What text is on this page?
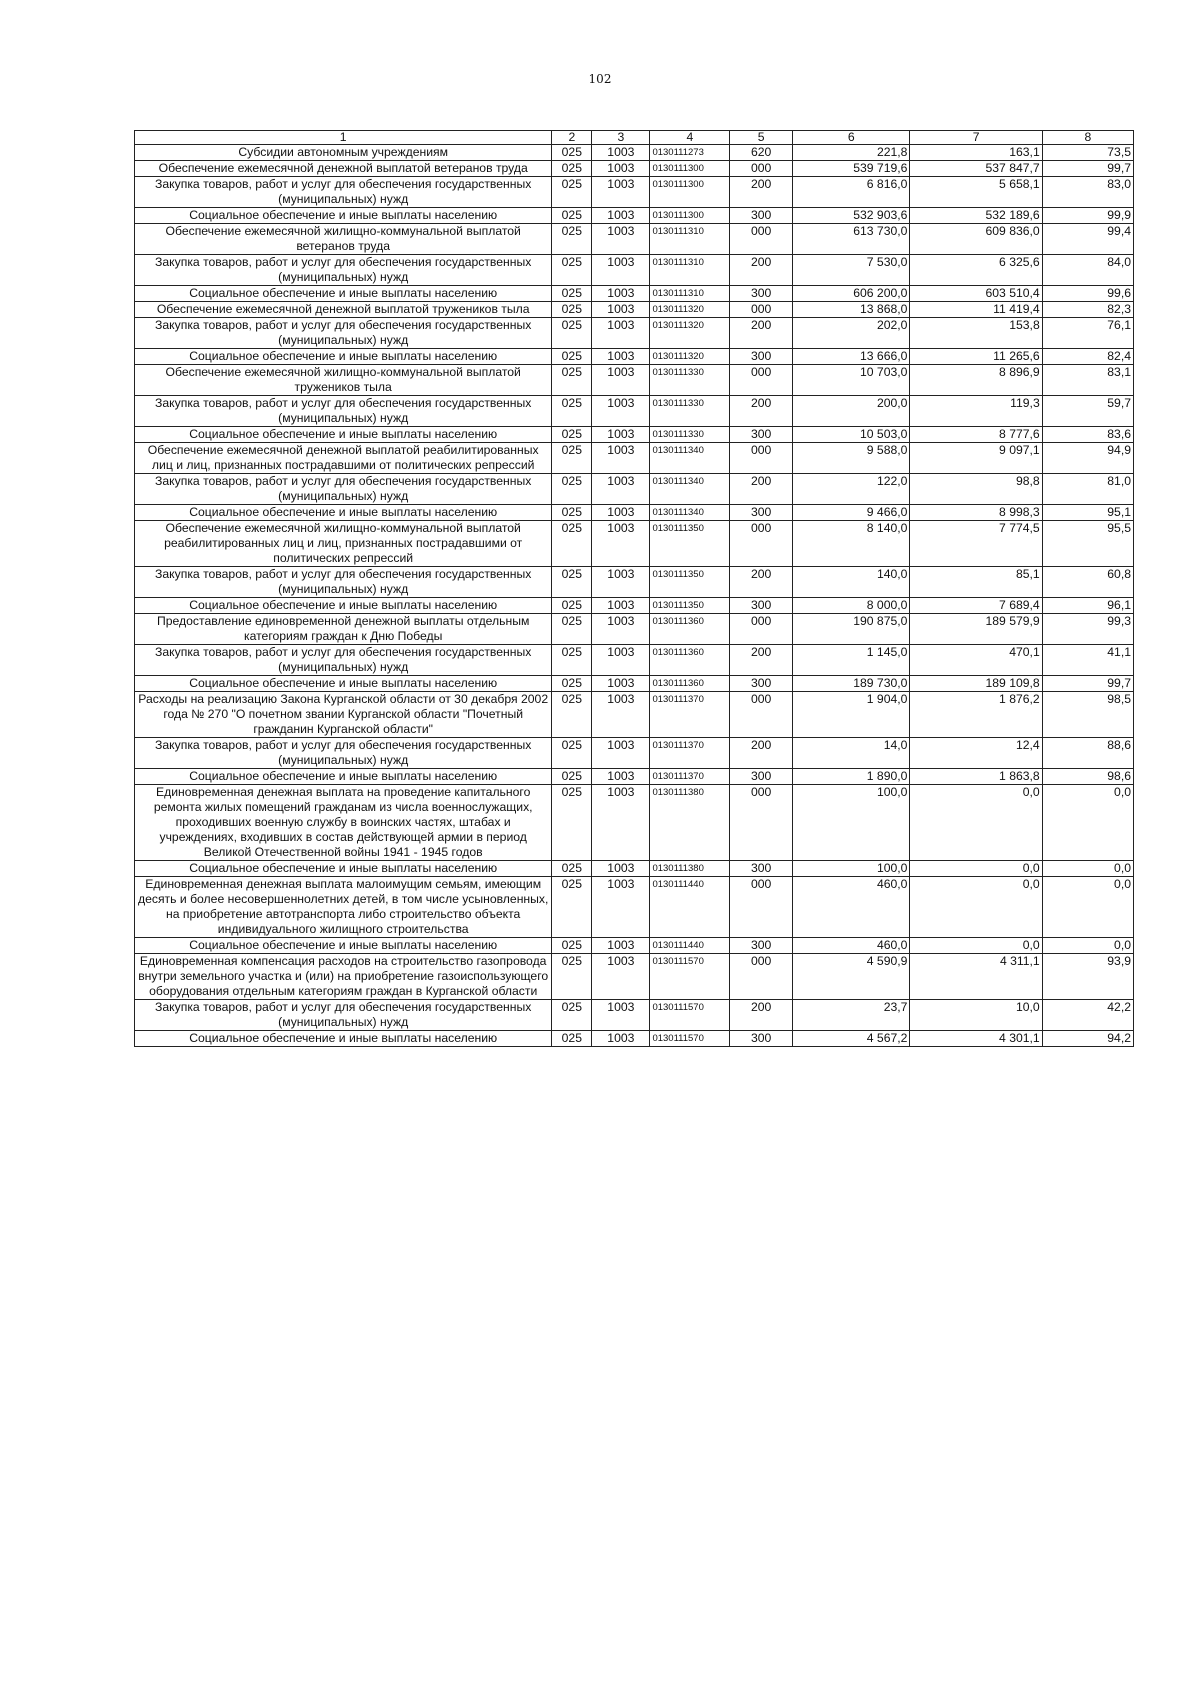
102
1	2	3	4	5	6	7	8
Субсидии автономным учреждениям	025	1003	0130111273	620	221,8	163,1	73,5
Обеспечение ежемесячной денежной выплатой ветеранов труда	025	1003	0130111300	000	539 719,6	537 847,7	99,7
Закупка товаров, работ и услуг для обеспечения государственных (муниципальных) нужд	025	1003	0130111300	200	6 816,0	5 658,1	83,0
Социальное обеспечение и иные выплаты населению	025	1003	0130111300	300	532 903,6	532 189,6	99,9
Обеспечение ежемесячной жилищно-коммунальной выплатой ветеранов труда	025	1003	0130111310	000	613 730,0	609 836,0	99,4
Закупка товаров, работ и услуг для обеспечения государственных (муниципальных) нужд	025	1003	0130111310	200	7 530,0	6 325,6	84,0
Социальное обеспечение и иные выплаты населению	025	1003	0130111310	300	606 200,0	603 510,4	99,6
Обеспечение ежемесячной денежной выплатой тружеников тыла	025	1003	0130111320	000	13 868,0	11 419,4	82,3
Закупка товаров, работ и услуг для обеспечения государственных (муниципальных) нужд	025	1003	0130111320	200	202,0	153,8	76,1
Социальное обеспечение и иные выплаты населению	025	1003	0130111320	300	13 666,0	11 265,6	82,4
Обеспечение ежемесячной жилищно-коммунальной выплатой тружеников тыла	025	1003	0130111330	000	10 703,0	8 896,9	83,1
Закупка товаров, работ и услуг для обеспечения государственных (муниципальных) нужд	025	1003	0130111330	200	200,0	119,3	59,7
Социальное обеспечение и иные выплаты населению	025	1003	0130111330	300	10 503,0	8 777,6	83,6
Обеспечение ежемесячной денежной выплатой реабилитированных лиц и лиц, признанных пострадавшими от политических репрессий	025	1003	0130111340	000	9 588,0	9 097,1	94,9
Закупка товаров, работ и услуг для обеспечения государственных (муниципальных) нужд	025	1003	0130111340	200	122,0	98,8	81,0
Социальное обеспечение и иные выплаты населению	025	1003	0130111340	300	9 466,0	8 998,3	95,1
Обеспечение ежемесячной жилищно-коммунальной выплатой реабилитированных лиц и лиц, признанных пострадавшими от политических репрессий	025	1003	0130111350	000	8 140,0	7 774,5	95,5
Закупка товаров, работ и услуг для обеспечения государственных (муниципальных) нужд	025	1003	0130111350	200	140,0	85,1	60,8
Социальное обеспечение и иные выплаты населению	025	1003	0130111350	300	8 000,0	7 689,4	96,1
Предоставление единовременной денежной выплаты отдельным категориям граждан к Дню Победы	025	1003	0130111360	000	190 875,0	189 579,9	99,3
Закупка товаров, работ и услуг для обеспечения государственных (муниципальных) нужд	025	1003	0130111360	200	1 145,0	470,1	41,1
Социальное обеспечение и иные выплаты населению	025	1003	0130111360	300	189 730,0	189 109,8	99,7
Расходы на реализацию Закона Курганской области от 30 декабря 2002 года № 270 "О почетном звании Курганской области "Почетный гражданин Курганской области"	025	1003	0130111370	000	1 904,0	1 876,2	98,5
Закупка товаров, работ и услуг для обеспечения государственных (муниципальных) нужд	025	1003	0130111370	200	14,0	12,4	88,6
Социальное обеспечение и иные выплаты населению	025	1003	0130111370	300	1 890,0	1 863,8	98,6
Единовременная денежная выплата на проведение капитального ремонта жилых помещений гражданам из числа военнослужащих, проходивших военную службу в воинских частях, штабах и учреждениях, входивших в состав действующей армии в период Великой Отечественной войны 1941 - 1945 годов	025	1003	0130111380	000	100,0	0,0	0,0
Социальное обеспечение и иные выплаты населению	025	1003	0130111380	300	100,0	0,0	0,0
Единовременная денежная выплата малоимущим семьям, имеющим десять и более несовершеннолетних детей, в том числе усыновленных, на приобретение автотранспорта либо строительство объекта индивидуального жилищного строительства	025	1003	0130111440	000	460,0	0,0	0,0
Социальное обеспечение и иные выплаты населению	025	1003	0130111440	300	460,0	0,0	0,0
Единовременная компенсация расходов на строительство газопровода внутри земельного участка и (или) на приобретение газоиспользующего оборудования отдельным категориям граждан в Курганской области	025	1003	0130111570	000	4 590,9	4 311,1	93,9
Закупка товаров, работ и услуг для обеспечения государственных (муниципальных) нужд	025	1003	0130111570	200	23,7	10,0	42,2
Социальное обеспечение и иные выплаты населению	025	1003	0130111570	300	4 567,2	4 301,1	94,2
